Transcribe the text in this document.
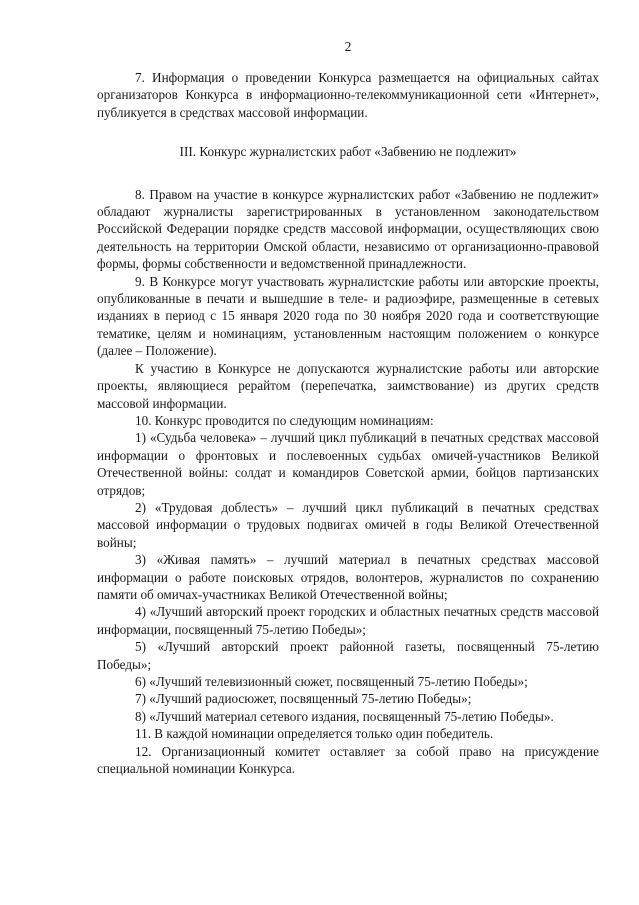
2

7. Информация о проведении Конкурса размещается на официальных сайтах организаторов Конкурса в информационно-телекоммуникационной сети «Интернет», публикуется в средствах массовой информации.

III. Конкурс журналистских работ «Забвению не подлежит»

8. Правом на участие в конкурсе журналистских работ «Забвению не подлежит» обладают журналисты зарегистрированных в установленном законодательством Российской Федерации порядке средств массовой информации, осуществляющих свою деятельность на территории Омской области, независимо от организационно-правовой формы, формы собственности и ведомственной принадлежности.

9. В Конкурсе могут участвовать журналистские работы или авторские проекты, опубликованные в печати и вышедшие в теле- и радиоэфире, размещенные в сетевых изданиях в период с 15 января 2020 года по 30 ноября 2020 года и соответствующие тематике, целям и номинациям, установленным настоящим положением о конкурсе (далее – Положение).

К участию в Конкурсе не допускаются журналистские работы или авторские проекты, являющиеся рерайтом (перепечатка, заимствование) из других средств массовой информации.

10. Конкурс проводится по следующим номинациям:

1) «Судьба человека» – лучший цикл публикаций в печатных средствах массовой информации о фронтовых и послевоенных судьбах омичей-участников Великой Отечественной войны: солдат и командиров Советской армии, бойцов партизанских отрядов;

2) «Трудовая доблесть» – лучший цикл публикаций в печатных средствах массовой информации о трудовых подвигах омичей в годы Великой Отечественной войны;

3) «Живая память» – лучший материал в печатных средствах массовой информации о работе поисковых отрядов, волонтеров, журналистов по сохранению памяти об омичах-участниках Великой Отечественной войны;

4) «Лучший авторский проект городских и областных печатных средств массовой информации, посвященный 75-летию Победы»;

5) «Лучший авторский проект районной газеты, посвященный 75-летию Победы»;

6) «Лучший телевизионный сюжет, посвященный 75-летию Победы»;

7) «Лучший радиосюжет, посвященный 75-летию Победы»;

8) «Лучший материал сетевого издания, посвященный 75-летию Победы».

11. В каждой номинации определяется только один победитель.

12. Организационный комитет оставляет за собой право на присуждение специальной номинации Конкурса.
